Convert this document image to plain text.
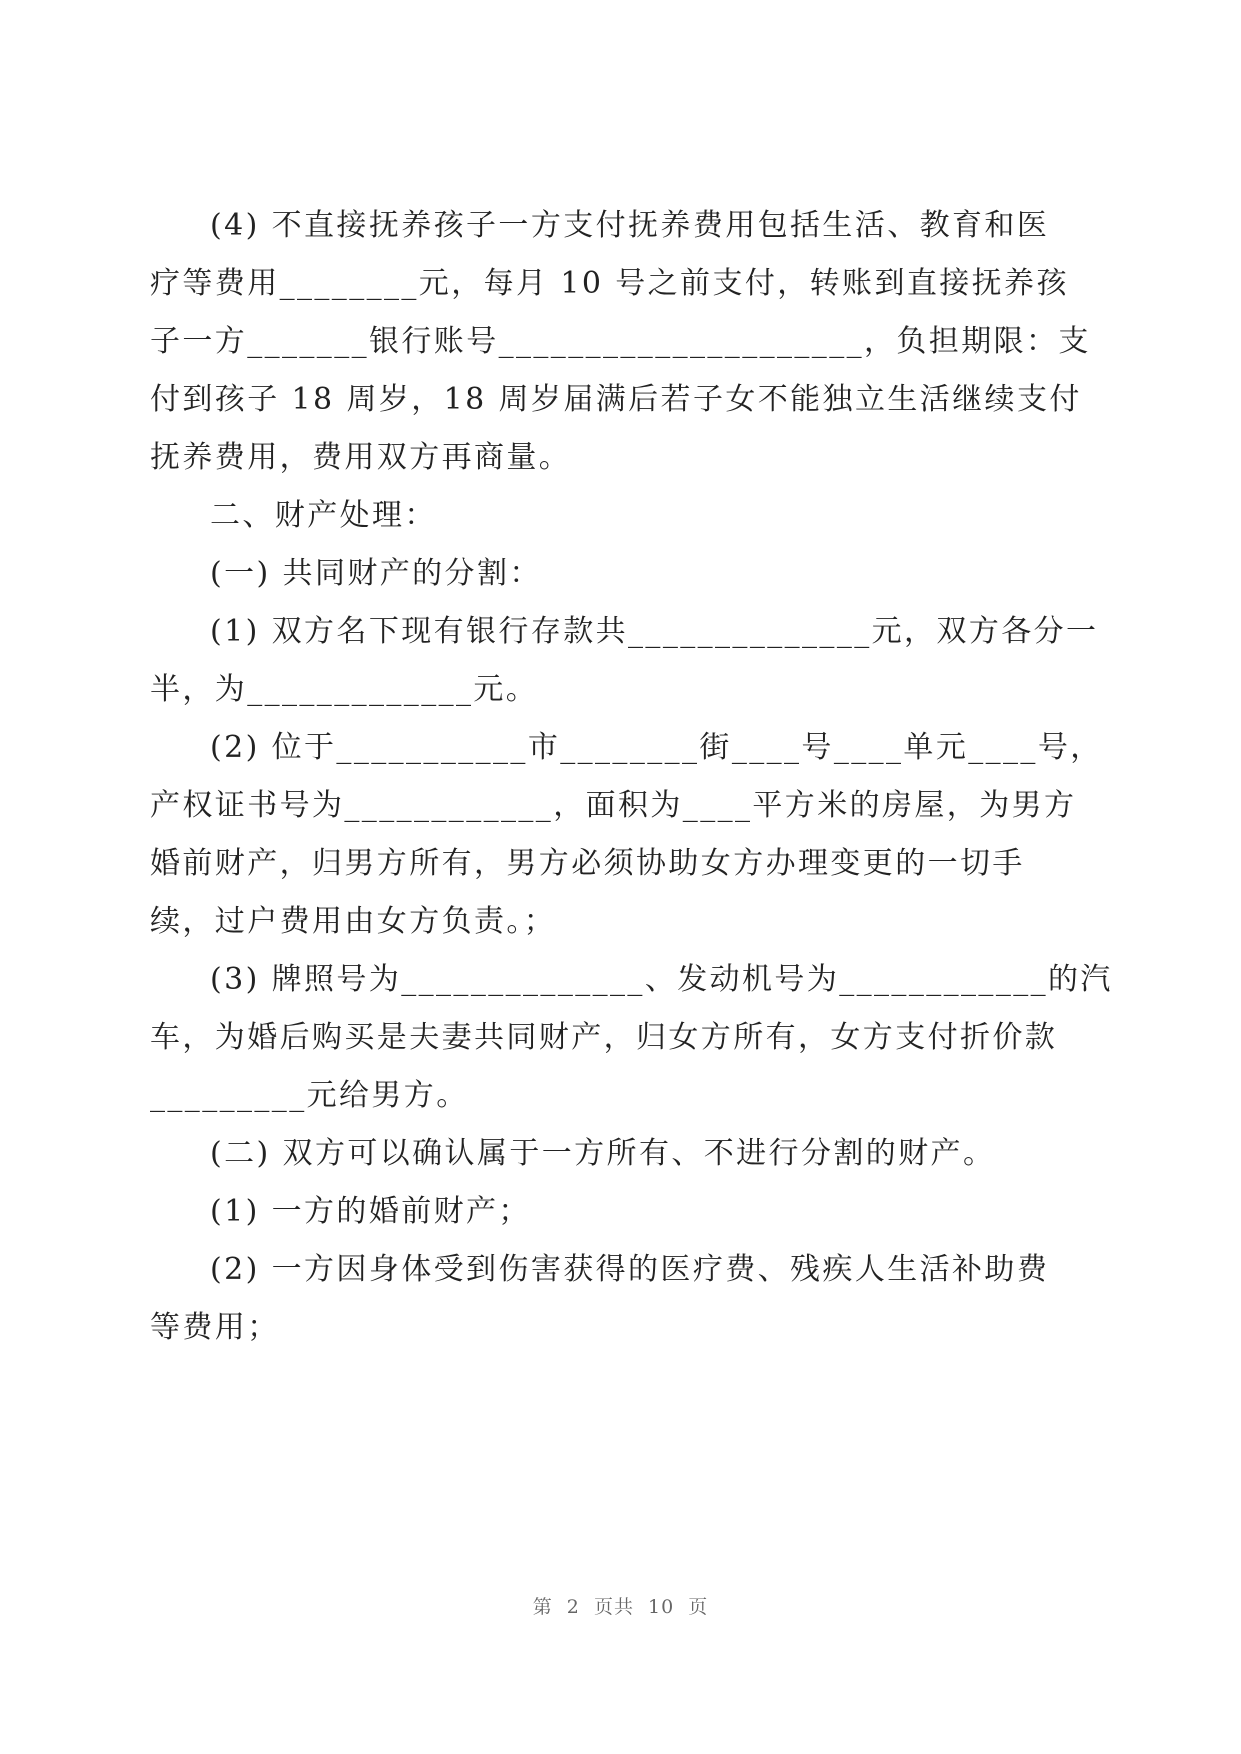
(4) 不直接抚养孩子一方支付抚养费用包括生活、教育和医
疗等费用________元，每月 10 号之前支付，转账到直接抚养孩
子一方_______银行账号_____________________，负担期限：支
付到孩子 18 周岁，18 周岁届满后若子女不能独立生活继续支付
抚养费用，费用双方再商量。
二、财产处理：
(一) 共同财产的分割：
(1) 双方名下现有银行存款共______________元，双方各分一
半，为_____________元。
(2) 位于___________市________街____号____单元____号，
产权证书号为____________，面积为____平方米的房屋，为男方
婚前财产，归男方所有，男方必须协助女方办理变更的一切手
续，过户费用由女方负责。；
(3) 牌照号为______________、发动机号为____________的汽
车，为婚后购买是夫妻共同财产，归女方所有，女方支付折价款
_________元给男方。
(二) 双方可以确认属于一方所有、不进行分割的财产。
(1) 一方的婚前财产；
(2) 一方因身体受到伤害获得的医疗费、残疾人生活补助费
等费用；
第  2  页共  10  页
